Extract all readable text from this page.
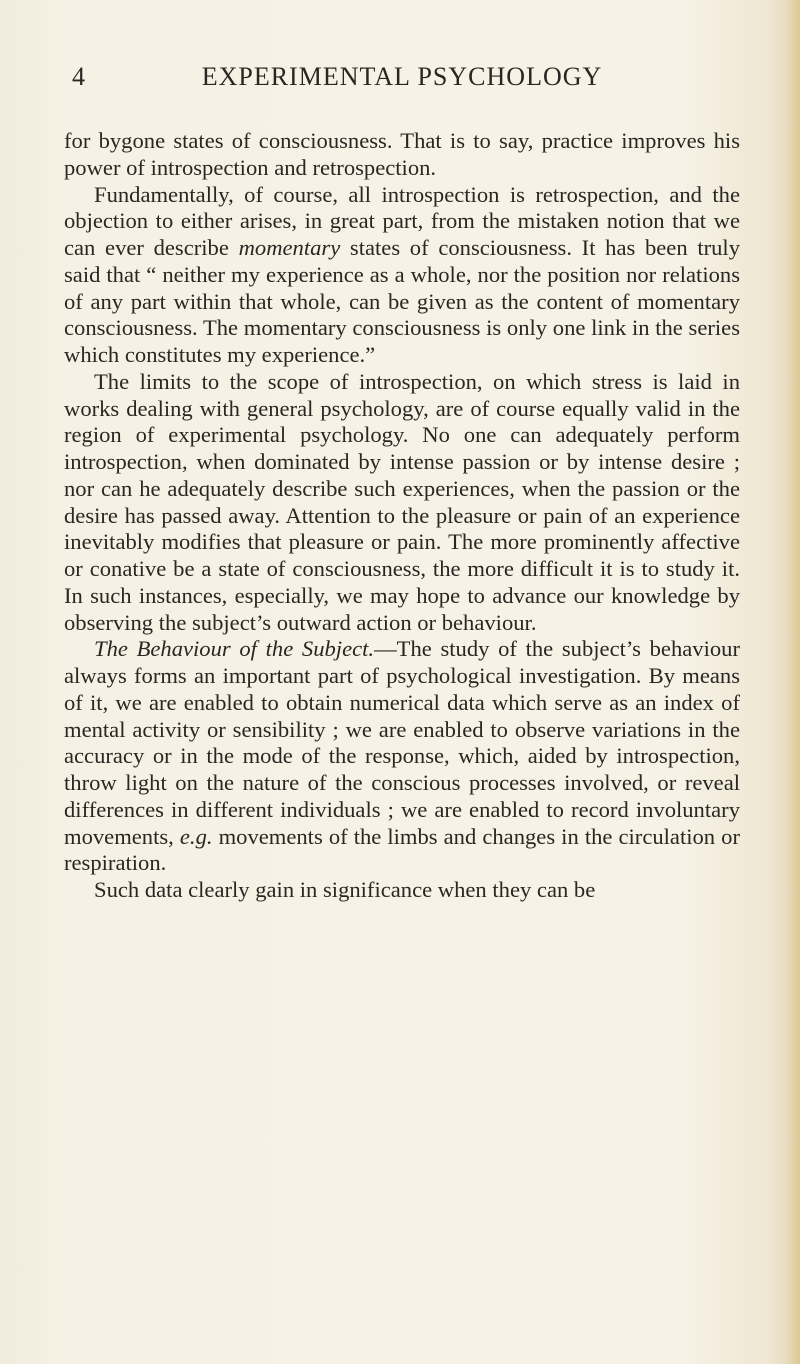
4	EXPERIMENTAL PSYCHOLOGY

for bygone states of consciousness. That is to say, practice improves his power of introspection and retrospection.

Fundamentally, of course, all introspection is retrospection, and the objection to either arises, in great part, from the mistaken notion that we can ever describe momentary states of consciousness. It has been truly said that “ neither my experience as a whole, nor the position nor relations of any part within that whole, can be given as the content of momentary consciousness. The momentary consciousness is only one link in the series which constitutes my experience.”

The limits to the scope of introspection, on which stress is laid in works dealing with general psychology, are of course equally valid in the region of experimental psychology. No one can adequately perform introspection, when dominated by intense passion or by intense desire ; nor can he adequately describe such experiences, when the passion or the desire has passed away. Attention to the pleasure or pain of an experience inevitably modifies that pleasure or pain. The more prominently affective or conative be a state of consciousness, the more difficult it is to study it. In such instances, especially, we may hope to advance our knowledge by observing the subject’s outward action or behaviour.

The Behaviour of the Subject.—The study of the subject’s behaviour always forms an important part of psychological investigation. By means of it, we are enabled to obtain numerical data which serve as an index of mental activity or sensibility ; we are enabled to observe variations in the accuracy or in the mode of the response, which, aided by introspection, throw light on the nature of the conscious processes involved, or reveal differences in different individuals ; we are enabled to record involuntary movements, e.g. movements of the limbs and changes in the circulation or respiration.

Such data clearly gain in significance when they can be
